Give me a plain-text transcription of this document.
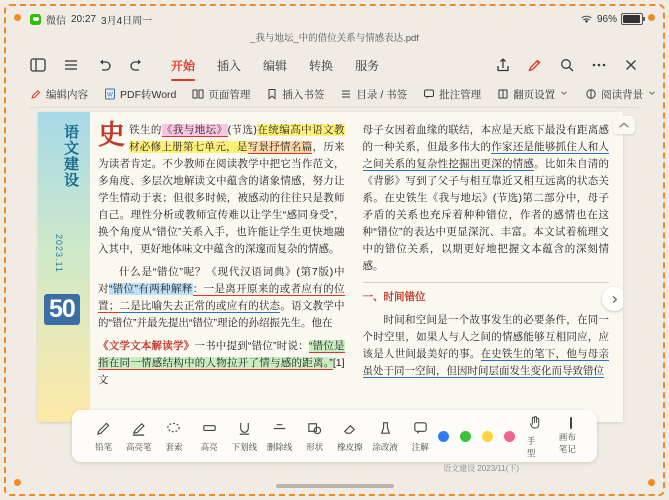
微信 20:27 3月4日周一	96%
_我与地坛_中的借位关系与情感表达.pdf
开始 插入 编辑 转换 服务
编辑内容	W PDF转Word	页面管理	插入书签	目录 / 书签	批注管理	翻页设置	阅读背景
语文建设
2023.11
50

史铁生的《我与地坛》(节选)在统编高中语文教材必修上册第七单元，是写景抒情名篇，历来为读者肯定。不少教师在阅读教学中把它当作范文，多角度、多层次地解读文中蕴含的诸象情感，努力让学生情动于衷；但很多时候，被感动的往往只是教师自己。理性分析或教师宣传难以让学生“感同身受”，换个角度从“错位”关系入手，也许能让学生更快地融入其中，更好地体味文中蕴含的深邃而复杂的情感。

什么是“错位”呢？《现代汉语词典》(第7版)中对“错位”有两种解释：一是离开原来的或者应有的位置；二是比喻失去正常的或应有的状态。语文教学中的“错位”并最先提出“错位”理论的孙绍振先生。他在

《文学文本解读学》一书中提到“错位”时说：“错位是指在同一情感结构中的人物拉开了情与感的距离。”[1]文

母子女因着血缘的联结，本应是天底下最没有距离感的一种关系，但最多伟大的作家还是能够抓住人和人之间关系的复杂性挖掘出更深的情感。比如朱自清的《背影》写到了父子与相互靠近又相互远离的状态关系。在史铁生《我与地坛》(节选)第二部分中，母子矛盾的关系也充斥着种种错位，作者的感情也在这种“错位”的表达中更显深沉、丰富。本文试着梳理文中的错位关系，以期更好地把握文本蕴含的深刻情感。

一、时间错位

时间和空间是一个故事发生的必要条件，在同一个时空里，如果人与人之间的情感能够互相同应，应该是人世间最美好的事。在史铁生的笔下，他与母亲虽处于同一空间，但因时间层面发生变化而导致错位

铅笔 高亮笔 套索 高亮 下划线 删除线 形状 橡皮擦 涂改液 注解
手型
画布笔记
语文建设 2023/11(下)
